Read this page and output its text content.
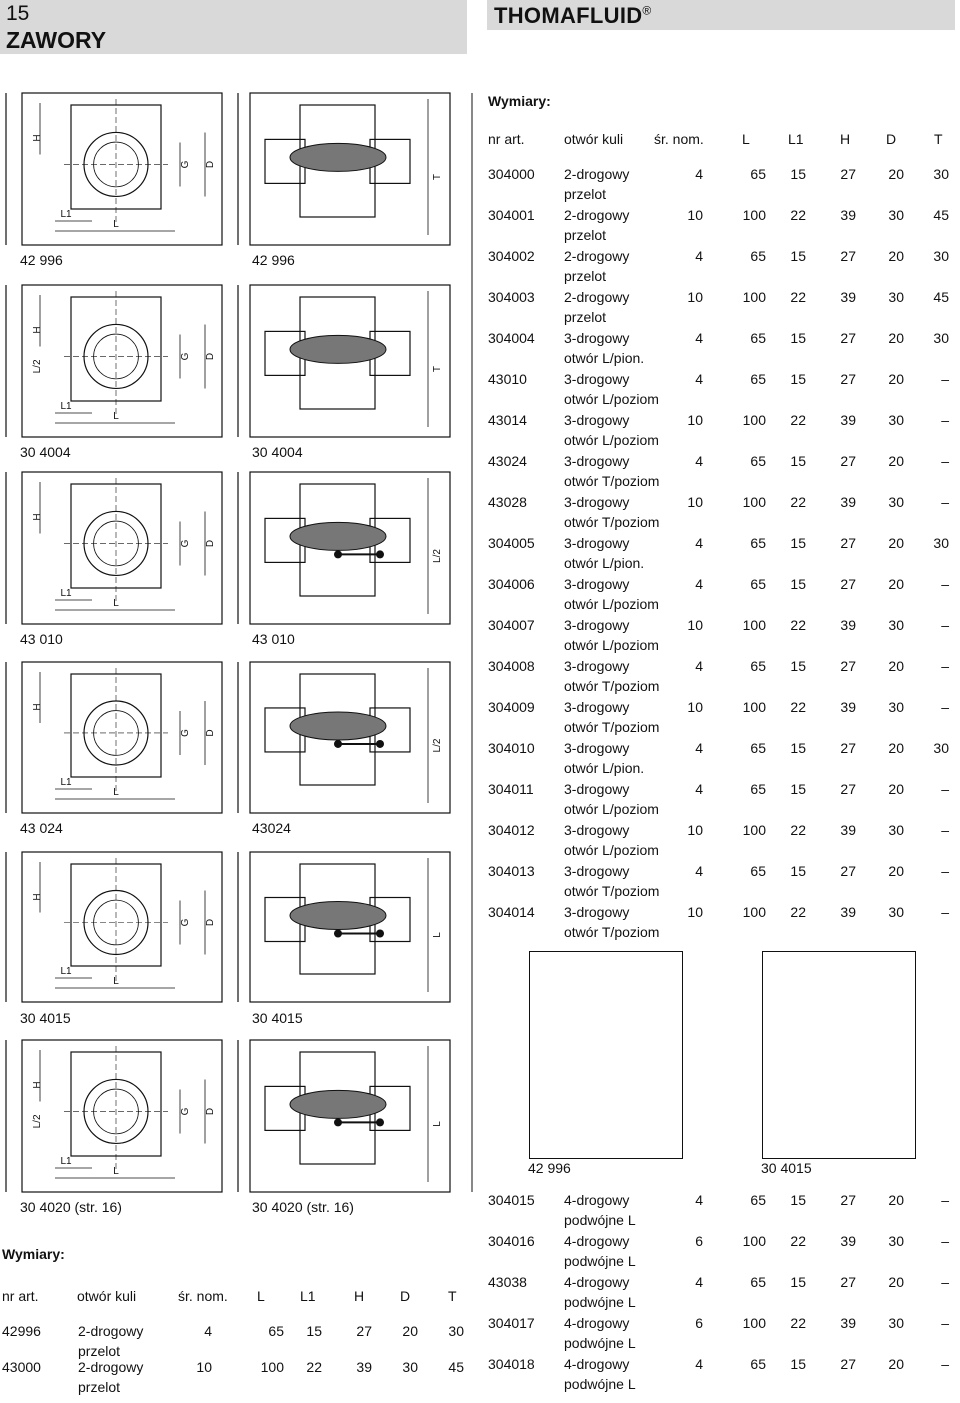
15
ZAWORY
THOMAFLUID®
H
L1
L
G D
T
H
L1
L
G D
L/2	T
H
L1
L
G D
L/2
H
L1
L
G D
L/2
H
L1
L
G D
L
H
L1
L
G D
L/2	L
42 996	42 996
30 4004	30 4004
43 010	43 010
43 024	43024
30 4015	30 4015
30 4020 (str. 16)	30 4020 (str. 16)
Wymiary:
nr art.	otwór kuli śr. nom.	L	L1	H	D	T
304000 2-drogowy	4	65 15 27 20 30
przelot
304001 2-drogowy	10	100 22 39 30 45
przelot
304002 2-drogowy	4	65 15 27 20 30
przelot
304003 2-drogowy	10	100 22 39 30 45
przelot
304004 3-drogowy	4	65 15 27 20 30
otwór L/pion.
43010	3-drogowy	4	65 15 27 20	–
otwór L/poziom
43014	3-drogowy	10	100 22 39 30	–
otwór L/poziom
43024	3-drogowy	4	65 15 27 20	–
otwór T/poziom
43028	3-drogowy	10	100 22 39 30	–
otwór T/poziom
304005 3-drogowy	4	65 15 27 20 30
otwór L/pion.
304006 3-drogowy	4	65 15 27 20	–
otwór L/poziom
304007 3-drogowy	10	100 22 39 30	–
otwór L/poziom
304008 3-drogowy	4	65 15 27 20	–
otwór T/poziom
304009 3-drogowy	10	100 22 39 30	–
otwór T/poziom
304010 3-drogowy	4	65 15 27 20 30
otwór L/pion.
304011 3-drogowy	4	65 15 27 20	–
otwór L/poziom
304012 3-drogowy	10	100 22 39 30	–
otwór L/poziom
304013 3-drogowy	4	65 15 27 20	–
otwór T/poziom
304014 3-drogowy	10	100 22 39 30	–
otwór T/poziom
42 996	30 4015
304015 4-drogowy	4	65 15 27 20	–
podwójne L
304016 4-drogowy	6	100 22 39 30	–
podwójne L
43038	4-drogowy	4	65 15 27 20	–
podwójne L
304017 4-drogowy	6	100 22 39 30	–
podwójne L
304018 4-drogowy	4	65 15 27 20	–
podwójne L
Wymiary:
nr art.	otwór kuli	śr. nom. L	L1	H	D	T
42996	2-drogowy	4	65 15 27 20 30
przelot
43000	2-drogowy	10	100 22 39 30 45
przelot
